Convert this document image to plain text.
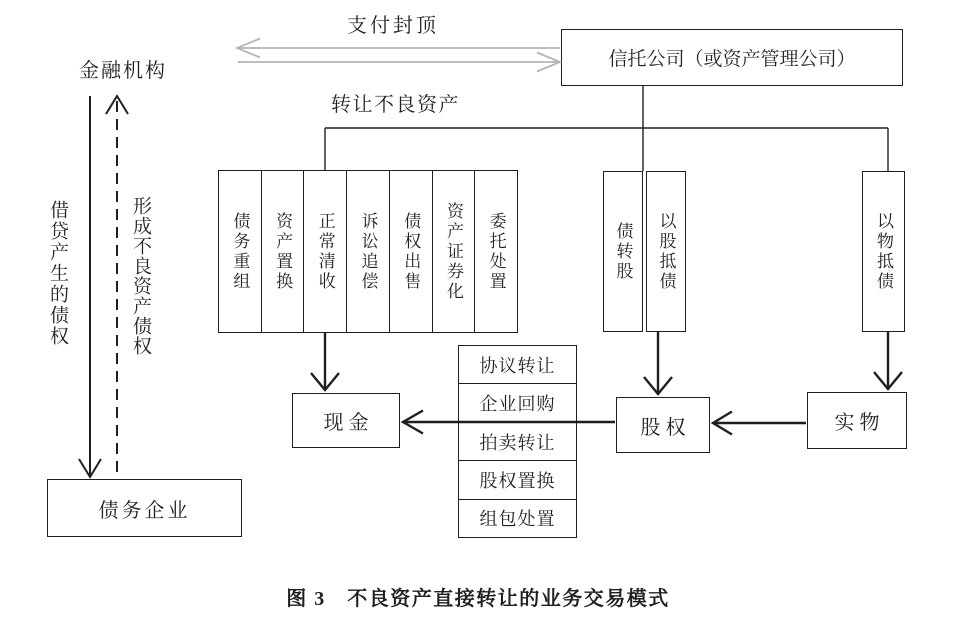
金融机构
支付封顶
转让不良资产
信托公司（或资产管理公司）
债务重组	资产置换	正常清收	诉讼追偿	债权出售	资产证券化	委托处置	债转股	以股抵债	以物抵债
协议转让
企业回购
拍卖转让
股权置换
组包处置
现金	股权	实物
债务企业
借贷产生的债权	形成不良资产债权
图 3　不良资产直接转让的业务交易模式
